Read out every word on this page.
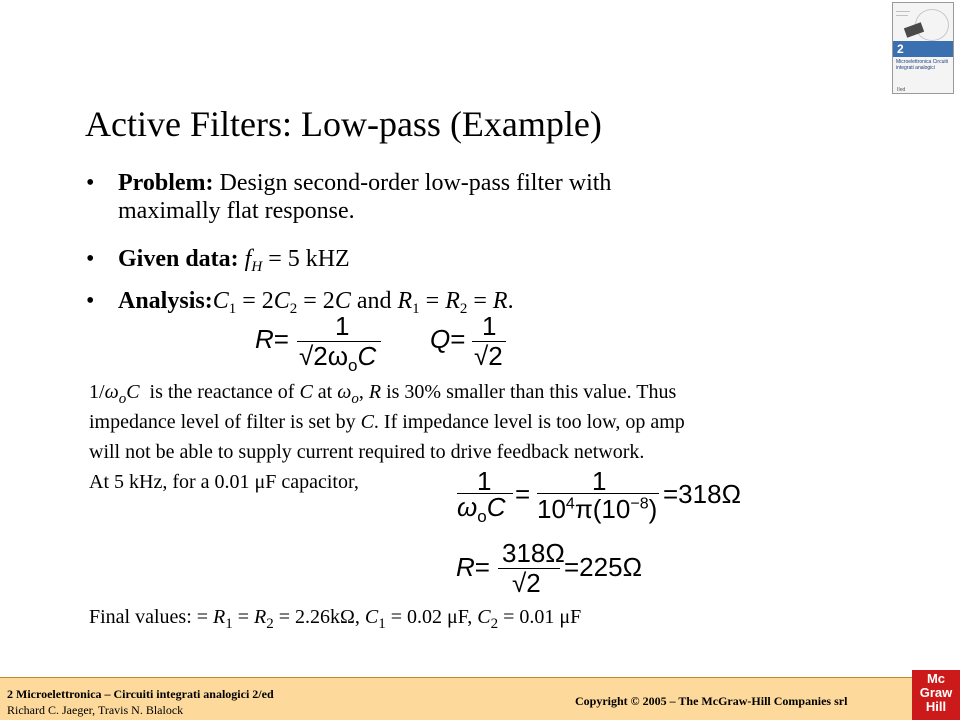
2
Microelettronica Circuiti integrati analogici
IIed
Active Filters: Low-pass (Example)
• Problem: Design second-order low-pass filter with
maximally flat response.
• Given data: $f_H = 5$ kHZ
• $Analysis:C_1 = 2C_2 = 2C$ and $R_1 = R_2 = R$.
R= 1
$√2\omega_oC$
Q= 1
√2
$1/\omega_oC$  is the reactance of C at $\omega_o$, R is 30% smaller than this value. Thus
impedance level of filter is set by C. If impedance level is too low, op amp
will not be able to supply current required to drive feedback network.
At 5 kHz, for a 0.01 μF capacitor,	1
$\omega_oC = 1$
$10^4\pi(10^{-8}) =318\Omega$
R= 318Ω
√2
=225Ω
Final values: = $R_1 = R_2 = 2.26k\Omega$, $C_1 = 0.02$ μF, $C_2 = 0.01$ μF
2 Microelettronica – Circuiti integrati analogici 2/ed
Richard C. Jaeger, Travis N. Blalock
Copyright © 2005 – The McGraw-Hill Companies srl
Mc
Graw
Hill
